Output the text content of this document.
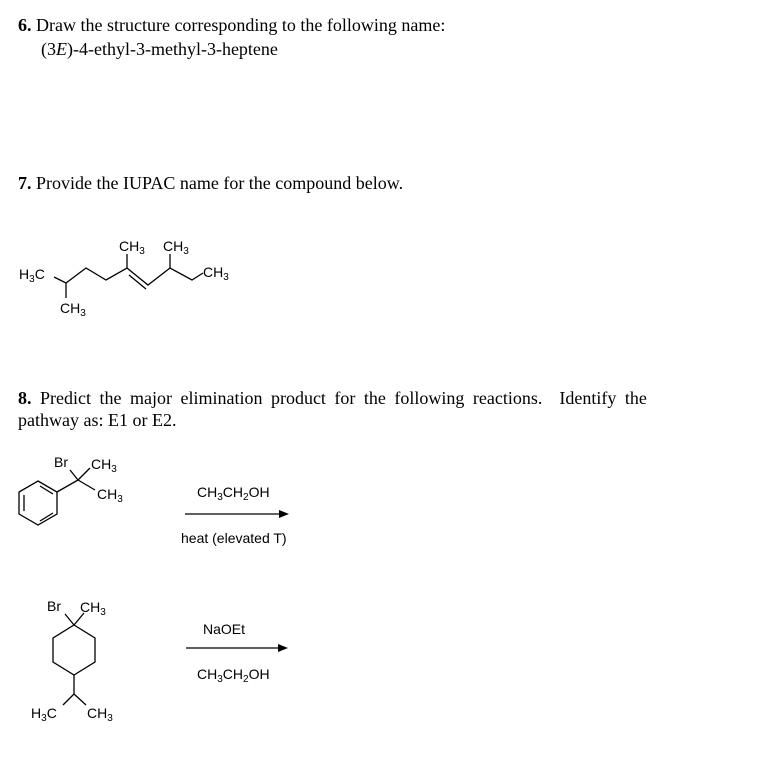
6. Draw the structure corresponding to the following name:
(3E)-4-ethyl-3-methyl-3-heptene
7. Provide the IUPAC name for the compound below.
8. Predict the major elimination product for the following reactions.  Identify the
pathway as: E1 or E2.
$H_3C$
$CH_3$
$CH_3$ $CH_3$
$CH_3$
Br $CH_3$
$CH_3$	$CH_3CH_2OH$
heat (elevated T)
Br $CH_3$
$H_3C$ $CH_3$
NaOEt
$CH_3CH_2OH$
